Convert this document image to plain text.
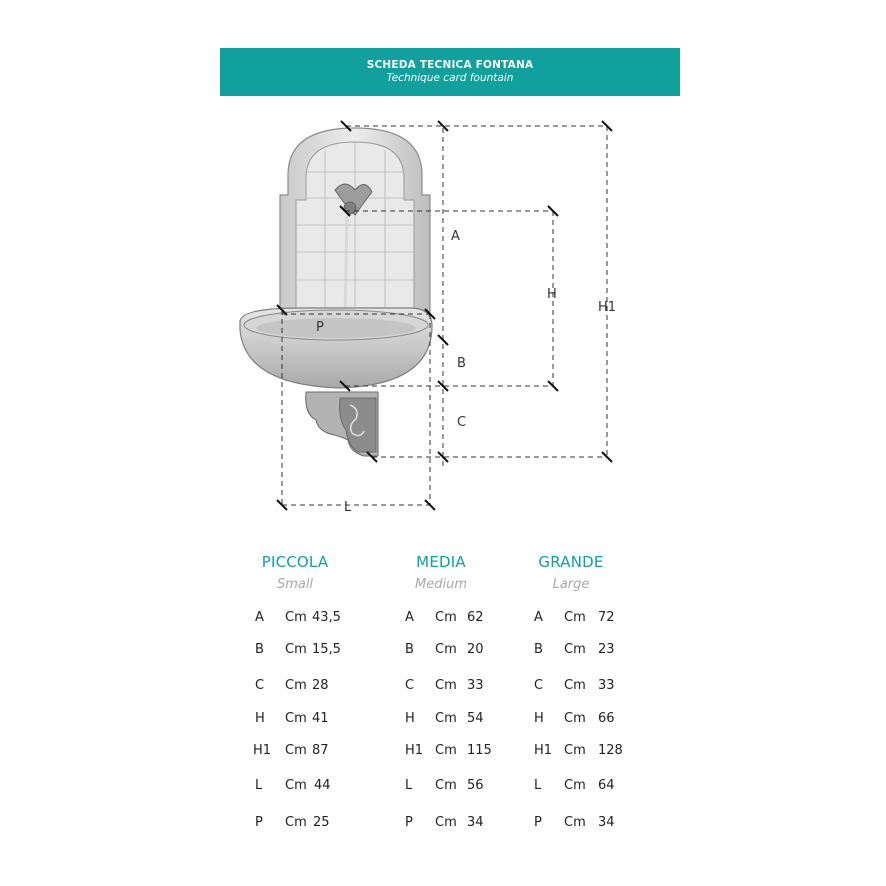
SCHEDA TECNICA FONTANA
Technique card fountain
A
H
H1
B
C
L
P
PICCOLA
Small
MEDIA
Medium
GRANDE
Large
A Cm 43,5	A Cm 62	A Cm 72
B Cm 15,5	B Cm 20	B Cm 23
C Cm 28	C Cm 33	C Cm 33
H Cm 41	H Cm 54	H Cm 66
H1 Cm 87	H1 Cm 115	H1 Cm 128
L Cm 44	L Cm 56	L Cm 64
P Cm 25	P Cm 34	P Cm 34
